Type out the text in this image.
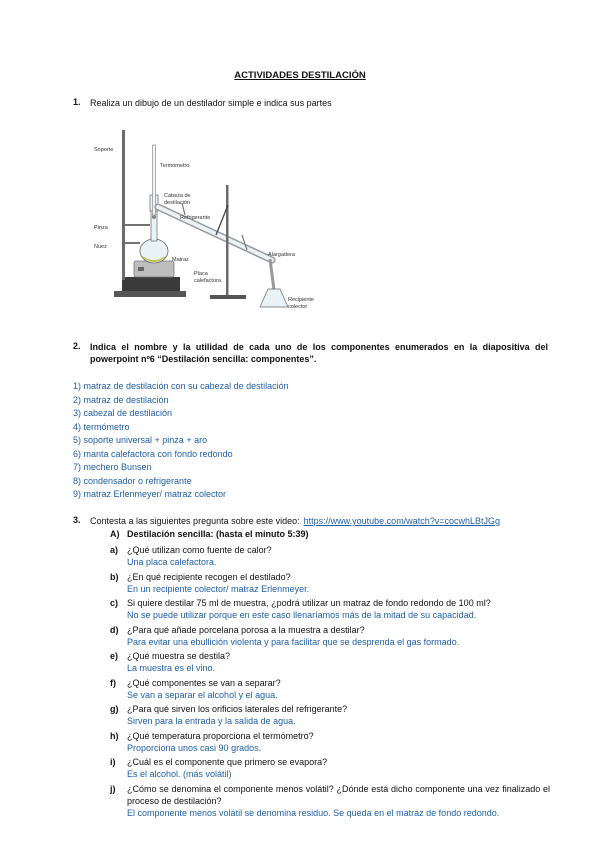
ACTIVIDADES DESTILACIÓN
1. Realiza un dibujo de un destilador simple e indica sus partes
Soporte
Termómetro
Cabeza de
destilación
Refrigerante
Pinza
Nuez
Matraz
Placa
calefactora
Alargadera
Recipiente
colector
2. Indica el nombre y la utilidad de cada uno de los componentes enumerados en la diapositiva del powerpoint nº6 “Destilación sencilla: componentes”.
1) matraz de destilación con su cabezal de destilación
2) matraz de destilación
3) cabezal de destilación
4) termómetro
5) soporte universal + pinza + aro
6) manta calefactora con fondo redondo
7) mechero Bunsen
8) condensador o refrigerante
9) matraz Erlenmeyer/ matraz colector
3. Contesta a las siguientes pregunta sobre este video: https://www.youtube.com/watch?v=cocwhLBtJGg
A) Destilación sencilla: (hasta el minuto 5:39)
a) ¿Qué utilizan como fuente de calor?
Una placa calefactora.
b) ¿En qué recipiente recogen el destilado?
En un recipiente colector/ matraz Erlenmeyer.
c) Si quiere destilar 75 ml de muestra, ¿podrá utilizar un matraz de fondo redondo de 100 ml?
No se puede utilizar porque en este caso llenaríamos más de la mitad de su capacidad.
d) ¿Para qué añade porcelana porosa a la muestra a destilar?
Para evitar una ebullición violenta y para facilitar que se desprenda el gas formado.
e) ¿Qué muestra se destila?
La muestra es el vino.
f) ¿Qué componentes se van a separar?
Se van a separar el alcohol y el agua.
g) ¿Para qué sirven los orificios laterales del refrigerante?
Sirven para la entrada y la salida de agua.
h) ¿Qué temperatura proporciona el termómetro?
Proporciona unos casi 90 grados.
i) ¿Cuál es el componente que primero se evapora?
Es el alcohol. (más volátil)
j) ¿Cómo se denomina el componente menos volátil? ¿Dónde está dicho componente una vez finalizado el proceso de destilación?
El componente menos volátil se denomina residuo. Se queda en el matraz de fondo redondo.
